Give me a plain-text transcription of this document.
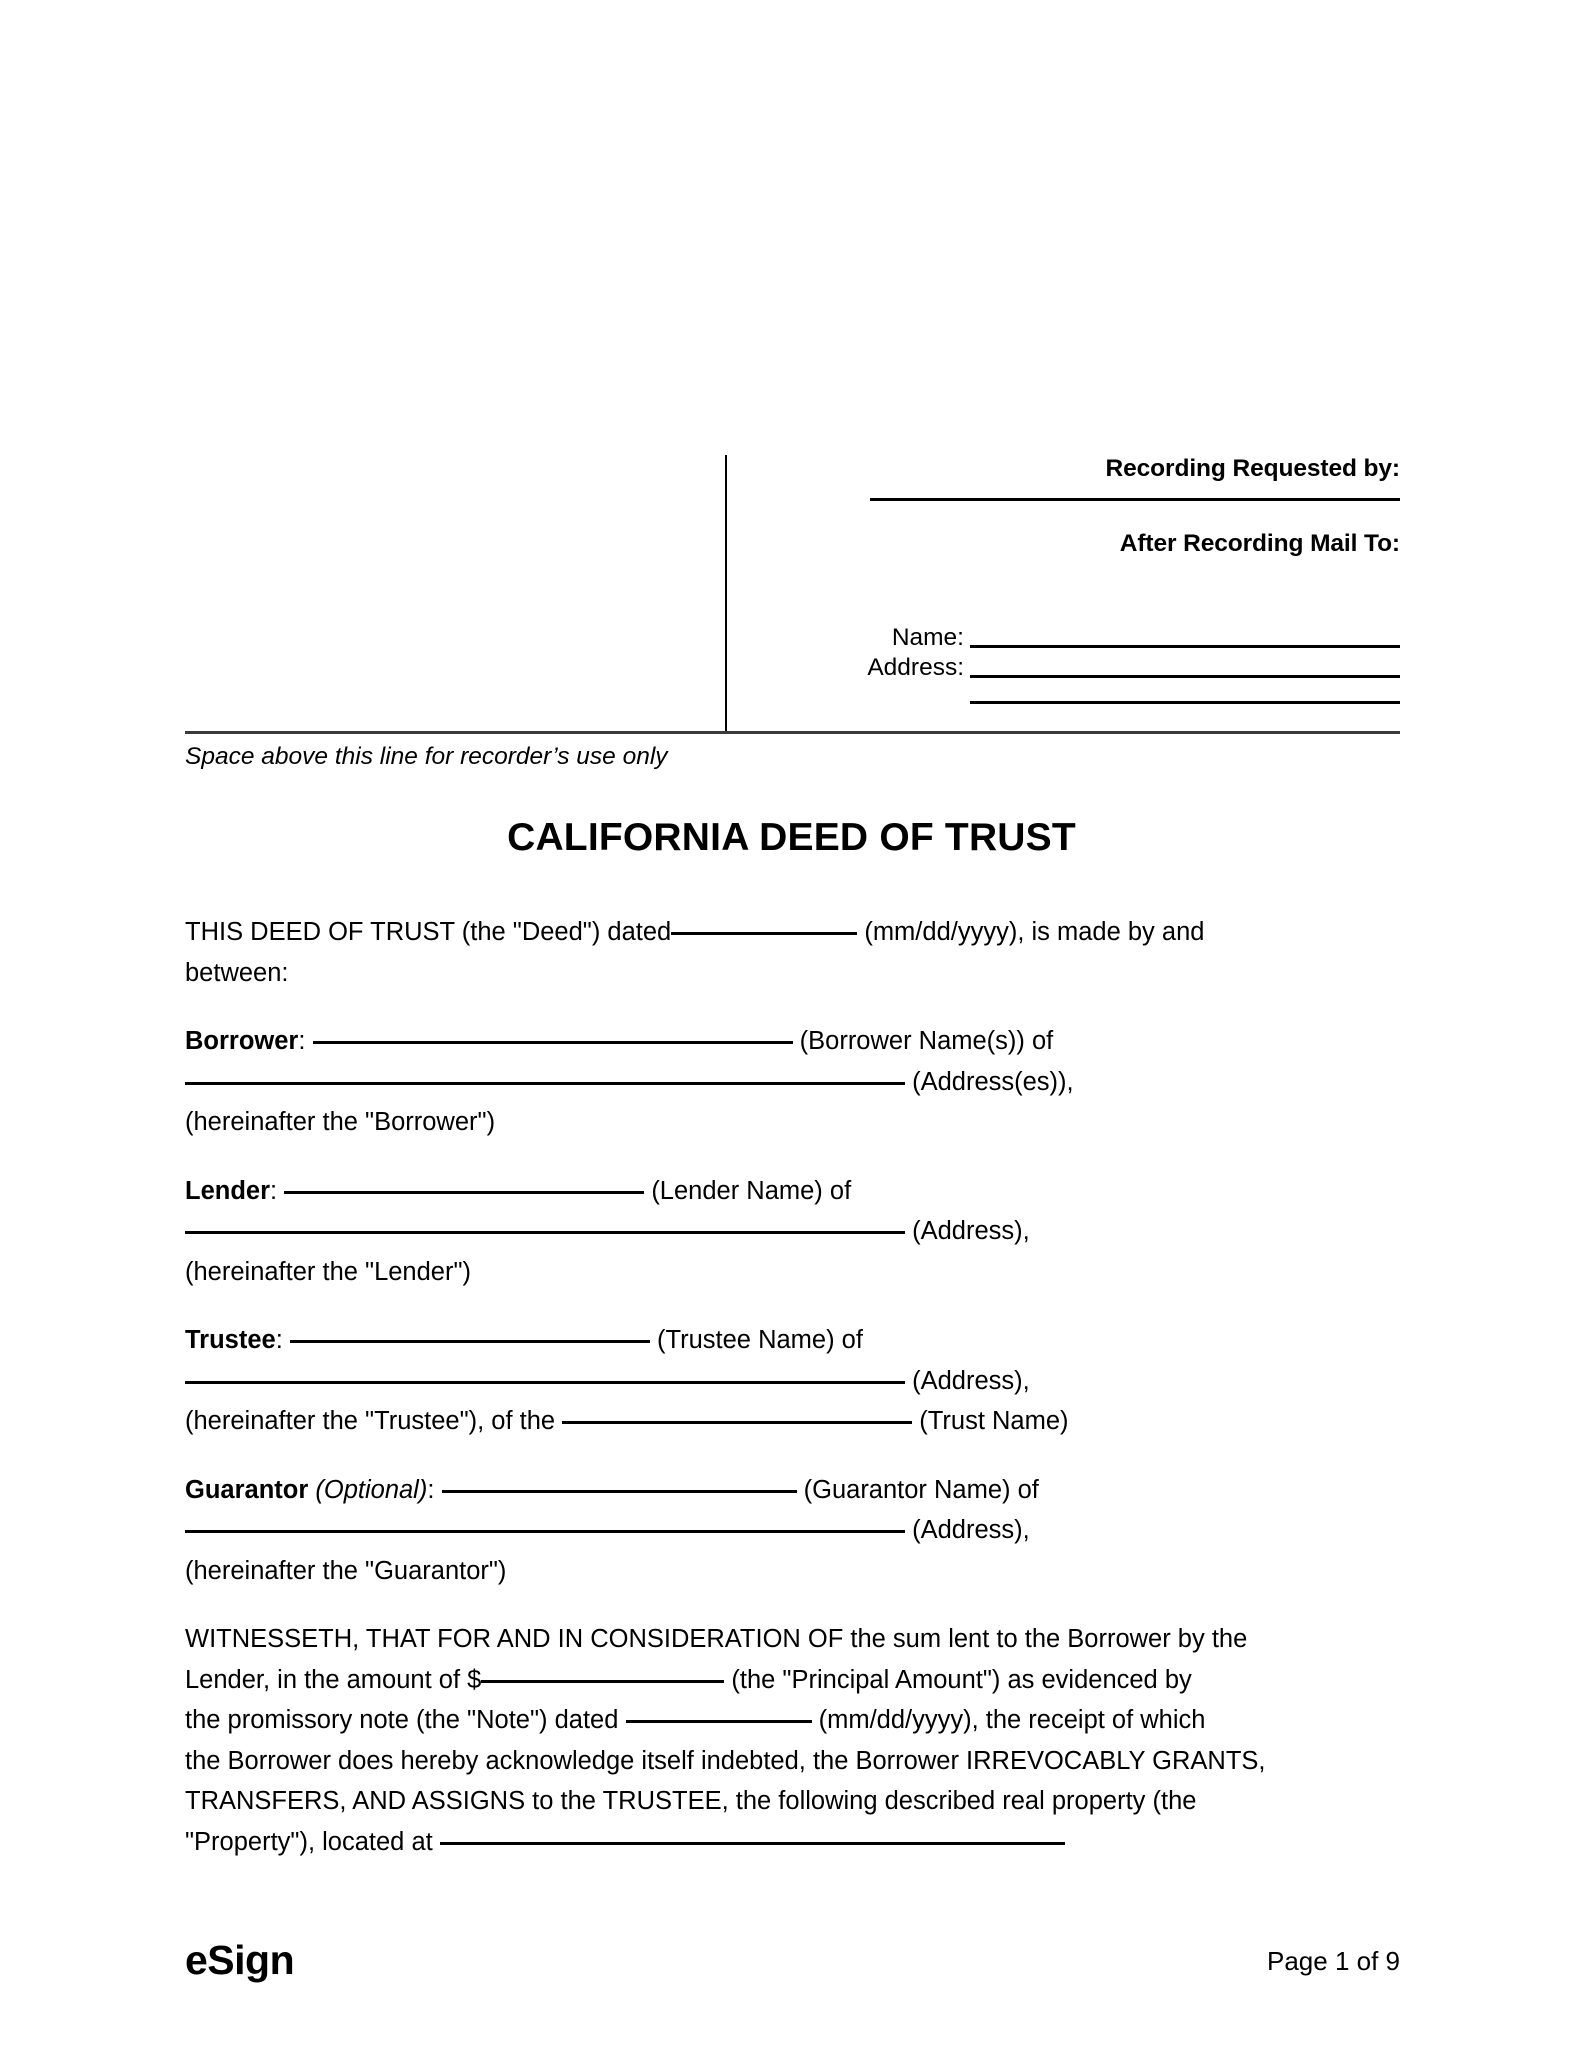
Recording Requested by:
After Recording Mail To:
Name:
Address:
Space above this line for recorder’s use only
CALIFORNIA DEED OF TRUST

THIS DEED OF TRUST (the "Deed") dated	(mm/dd/yyyy), is made by and
between:

Borrower:	(Borrower Name(s)) of
(Address(es)),
(hereinafter the "Borrower")

Lender:	(Lender Name) of
(Address),
(hereinafter the "Lender")

Trustee:	(Trustee Name) of
(Address),
(hereinafter the "Trustee"), of the	(Trust Name)

Guarantor (Optional):	(Guarantor Name) of
(Address),
(hereinafter the "Guarantor")

WITNESSETH, THAT FOR AND IN CONSIDERATION OF the sum lent to the Borrower by the
Lender, in the amount of $	(the "Principal Amount") as evidenced by
the promissory note (the "Note") dated	(mm/dd/yyyy), the receipt of which
the Borrower does hereby acknowledge itself indebted, the Borrower IRREVOCABLY GRANTS,
TRANSFERS, AND ASSIGNS to the TRUSTEE, the following described real property (the
"Property"), located at

eSign	Page 1 of 9
